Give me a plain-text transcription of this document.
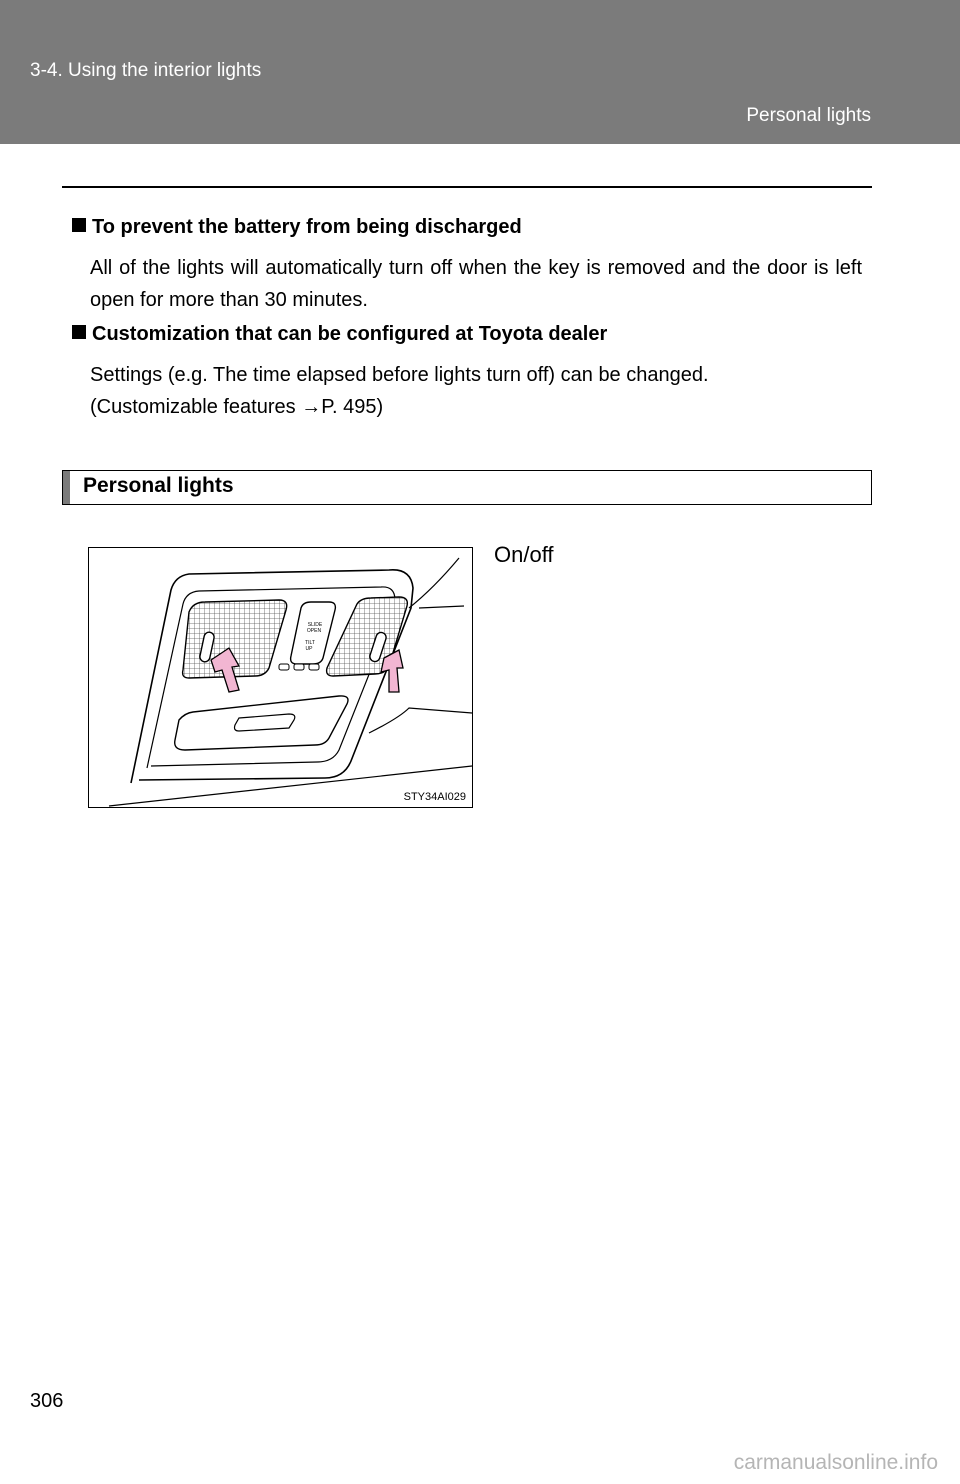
3-4. Using the interior lights
Personal lights
To prevent the battery from being discharged
All of the lights will automatically turn off when the key is removed and the door is left open for more than 30 minutes.
Customization that can be configured at Toyota dealer
Settings (e.g. The time elapsed before lights turn off) can be changed.
(Customizable features →P. 495)
Personal lights
SLIDE
OPEN
TILT
UP
STY34AI029
On/off
306
carmanualsonline.info
